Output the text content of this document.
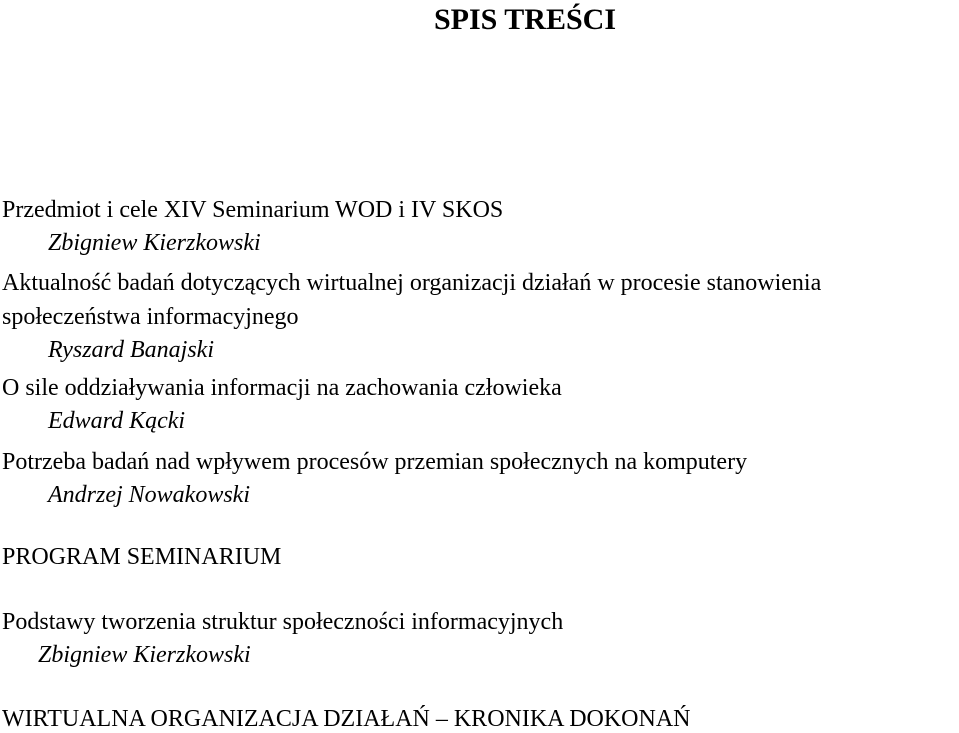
SPIS TREŚCI
Przedmiot i cele XIV Seminarium WOD i IV SKOS
Zbigniew Kierzkowski
Aktualność badań dotyczących wirtualnej organizacji działań w procesie stanowienia
społeczeństwa informacyjnego
Ryszard Banajski
O sile oddziaływania informacji na zachowania człowieka
Edward Kącki
Potrzeba badań nad wpływem procesów przemian społecznych na komputery
Andrzej Nowakowski
PROGRAM SEMINARIUM
Podstawy tworzenia struktur społeczności informacyjnych
Zbigniew Kierzkowski
WIRTUALNA ORGANIZACJA DZIAŁAŃ – KRONIKA DOKONAŃ
